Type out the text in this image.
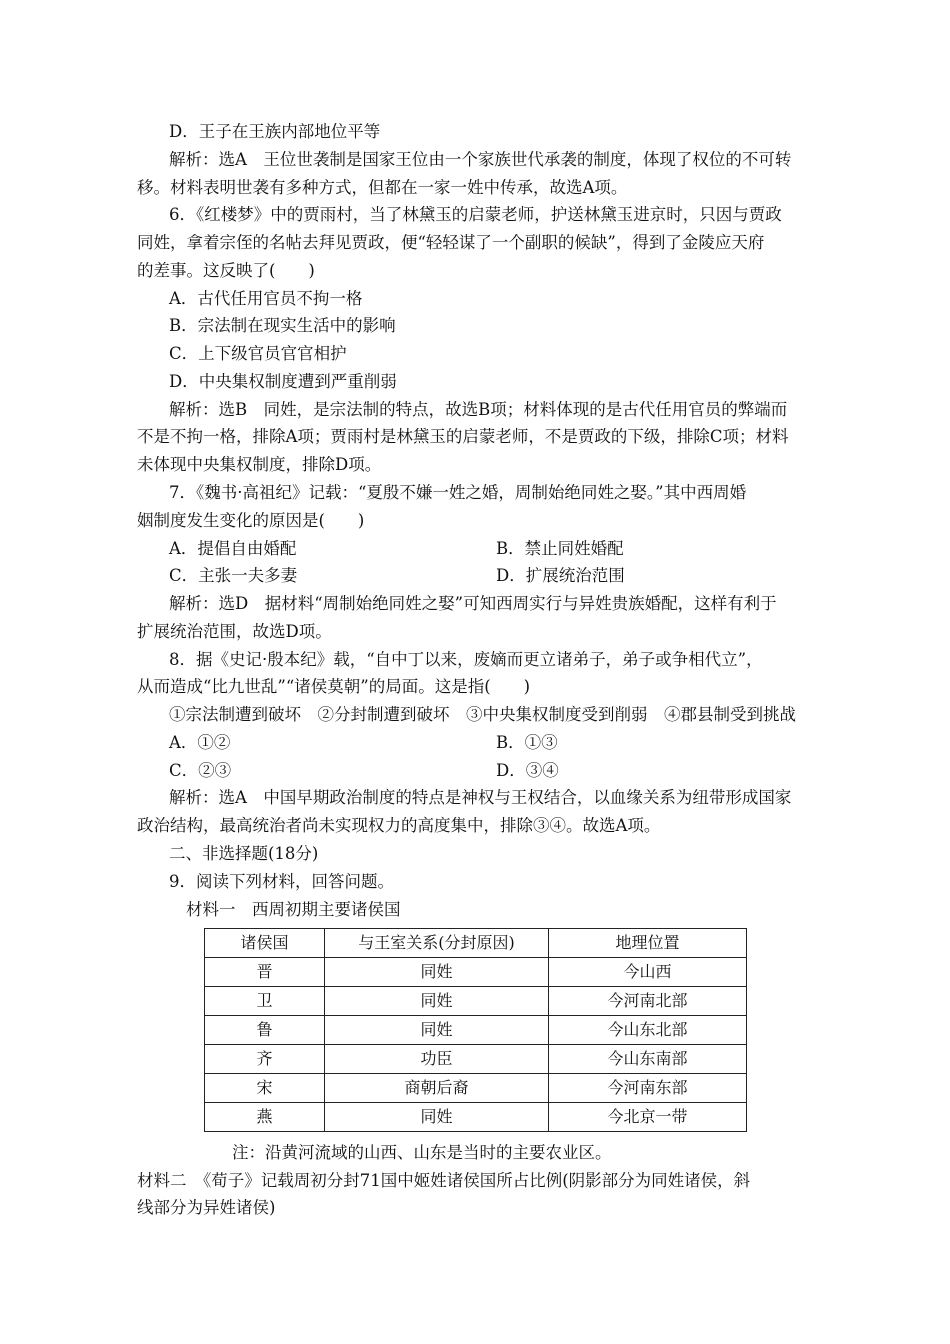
D．王子在王族内部地位平等
解析：选A　王位世袭制是国家王位由一个家族世代承袭的制度，体现了权位的不可转
移。材料表明世袭有多种方式，但都在一家一姓中传承，故选A项。
6．《红楼梦》中的贾雨村，当了林黛玉的启蒙老师，护送林黛玉进京时，只因与贾政
同姓，拿着宗侄的名帖去拜见贾政，便“轻轻谋了一个副职的候缺”，得到了金陵应天府
的差事。这反映了(　　)
A．古代任用官员不拘一格
B．宗法制在现实生活中的影响
C．上下级官员官官相护
D．中央集权制度遭到严重削弱
解析：选B　同姓，是宗法制的特点，故选B项；材料体现的是古代任用官员的弊端而
不是不拘一格，排除A项；贾雨村是林黛玉的启蒙老师，不是贾政的下级，排除C项；材料
未体现中央集权制度，排除D项。
7．《魏书·高祖纪》记载：“夏殷不嫌一姓之婚，周制始绝同姓之娶。”其中西周婚
姻制度发生变化的原因是(　　)
A．提倡自由婚配	B．禁止同姓婚配
C．主张一夫多妻	D．扩展统治范围
解析：选D　据材料“周制始绝同姓之娶”可知西周实行与异姓贵族婚配，这样有利于
扩展统治范围，故选D项。
8．据《史记·殷本纪》载，“自中丁以来，废嫡而更立诸弟子，弟子或争相代立”，
从而造成“比九世乱”“诸侯莫朝”的局面。这是指(　　)
①宗法制遭到破坏　②分封制遭到破坏　③中央集权制度受到削弱　④郡县制受到挑战
A．①②	B．①③
C．②③	D．③④
解析：选A　中国早期政治制度的特点是神权与王权结合，以血缘关系为纽带形成国家
政治结构，最高统治者尚未实现权力的高度集中，排除③④。故选A项。
二、非选择题(18分)
9．阅读下列材料，回答问题。
材料一　西周初期主要诸侯国
诸侯国	与王室关系(分封原因)	地理位置
晋	同姓	今山西
卫	同姓	今河南北部
鲁	同姓	今山东北部
齐	功臣	今山东南部
宋	商朝后裔	今河南东部
燕	同姓	今北京一带
注：沿黄河流域的山西、山东是当时的主要农业区。
材料二　《荀子》记载周初分封71国中姬姓诸侯国所占比例(阴影部分为同姓诸侯，斜
线部分为异姓诸侯)
